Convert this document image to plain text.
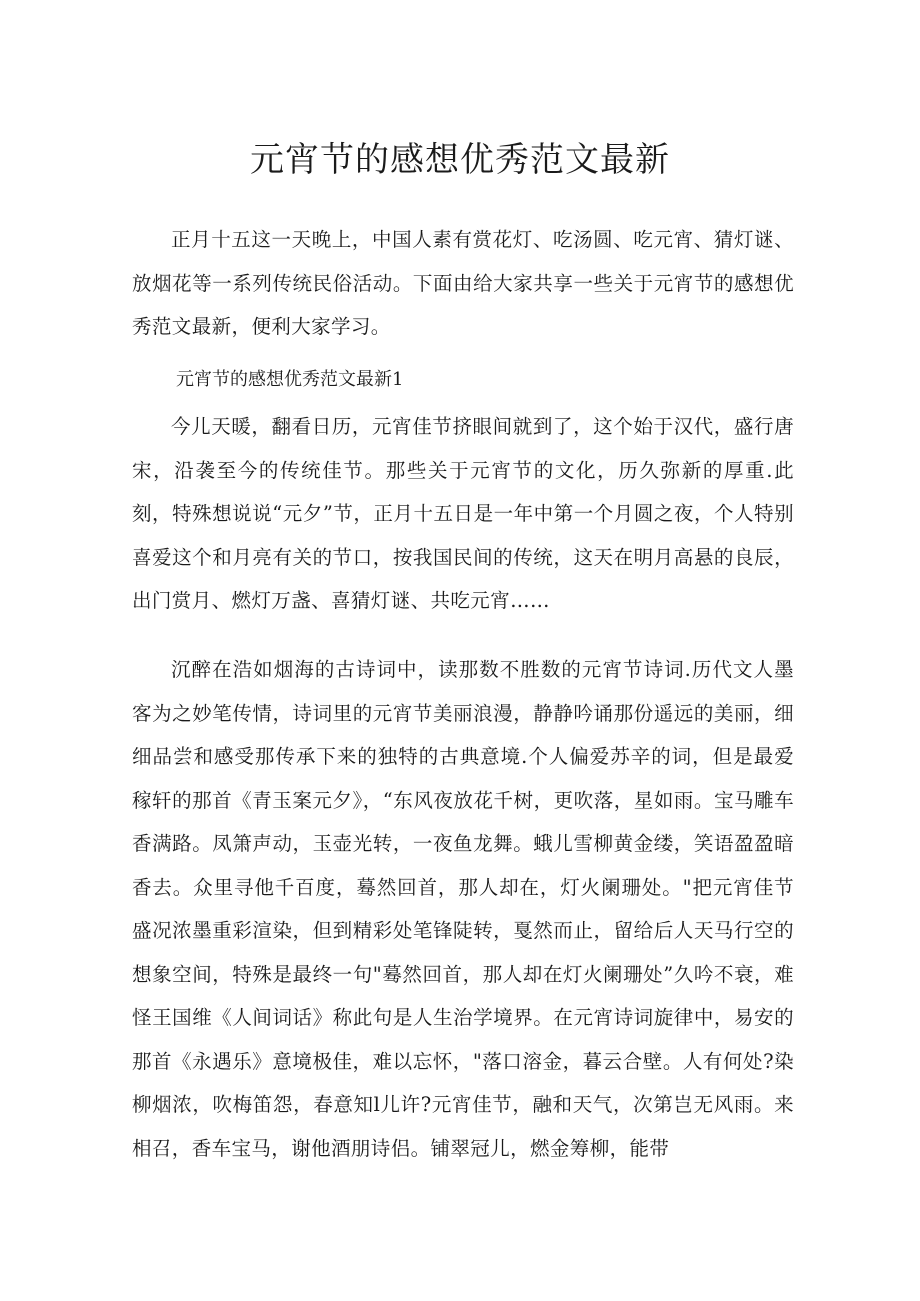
元宵节的感想优秀范文最新

正月十五这一天晚上，中国人素有赏花灯、吃汤圆、吃元宵、猜灯谜、放烟花等一系列传统民俗活动。下面由给大家共享一些关于元宵节的感想优秀范文最新，便利大家学习。

元宵节的感想优秀范文最新1

今儿天暖，翻看日历，元宵佳节挤眼间就到了，这个始于汉代，盛行唐宋，沿袭至今的传统佳节。那些关于元宵节的文化，历久弥新的厚重.此刻，特殊想说说“元夕”节，正月十五日是一年中第一个月圆之夜，个人特别喜爱这个和月亮有关的节口，按我国民间的传统，这天在明月高悬的良辰，出门赏月、燃灯万盏、喜猜灯谜、共吃元宵……

沉醉在浩如烟海的古诗词中，读那数不胜数的元宵节诗词.历代文人墨客为之妙笔传情，诗词里的元宵节美丽浪漫，静静吟诵那份遥远的美丽，细细品尝和感受那传承下来的独特的古典意境.个人偏爱苏辛的词，但是最爱稼轩的那首《青玉案元夕》，“东风夜放花千树，更吹落，星如雨。宝马雕车香满路。凤箫声动，玉壶光转，一夜鱼龙舞。蛾儿雪柳黄金缕，笑语盈盈暗香去。众里寻他千百度，蓦然回首，那人却在，灯火阑珊处。"把元宵佳节盛况浓墨重彩渲染，但到精彩处笔锋陡转，戛然而止，留给后人天马行空的想象空间，特殊是最终一句"蓦然回首，那人却在灯火阑珊处”久吟不衰，难怪王国维《人间词话》称此句是人生治学境界。在元宵诗词旋律中，易安的那首《永遇乐》意境极佳，难以忘怀，"落口溶金，暮云合壁。人有何处?染柳烟浓，吹梅笛怨，春意知l儿许?元宵佳节，融和天气，次第岂无风雨。来相召，香车宝马，谢他酒朋诗侣。铺翠冠儿，燃金筹柳，能带
